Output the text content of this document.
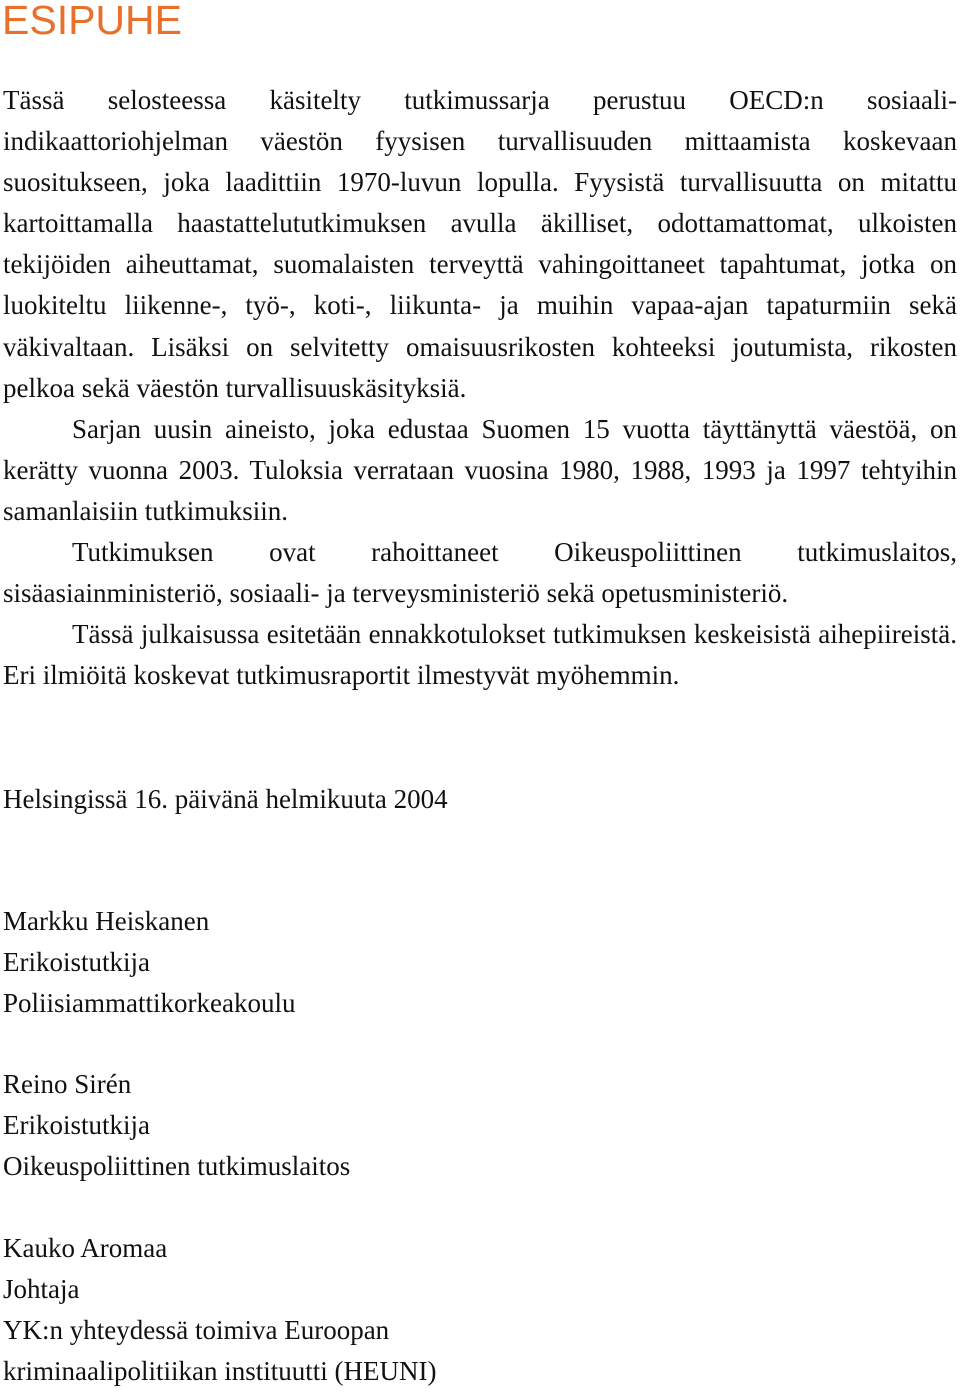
ESIPUHE

Tässä selosteessa käsitelty tutkimussarja perustuu OECD:n sosiaali-indikaattoriohjelman väestön fyysisen turvallisuuden mittaamista koskevaan suositukseen, joka laadittiin 1970-luvun lopulla. Fyysistä turvallisuutta on mitattu kartoittamalla haastattelututkimuksen avulla äkilliset, odottamattomat, ulkoisten tekijöiden aiheuttamat, suomalaisten terveyttä vahingoittaneet tapahtumat, jotka on luokiteltu liikenne-, työ-, koti-, liikunta- ja muihin vapaa-ajan tapaturmiin sekä väkivaltaan. Lisäksi on selvitetty omaisuusrikosten kohteeksi joutumista, rikosten pelkoa sekä väestön turvallisuuskäsityksiä.

Sarjan uusin aineisto, joka edustaa Suomen 15 vuotta täyttänyttä väestöä, on kerätty vuonna 2003. Tuloksia verrataan vuosina 1980, 1988, 1993 ja 1997 tehtyihin samanlaisiin tutkimuksiin.

Tutkimuksen ovat rahoittaneet Oikeuspoliittinen tutkimuslaitos, sisäasiainministeriö, sosiaali- ja terveysministeriö sekä opetusministeriö.

Tässä julkaisussa esitetään ennakkotulokset tutkimuksen keskeisistä aihepiireistä. Eri ilmiöitä koskevat tutkimusraportit ilmestyvät myöhemmin.

Helsingissä 16. päivänä helmikuuta 2004

Markku Heiskanen
Erikoistutkija
Poliisiammattikorkeakoulu
Reino Sirén
Erikoistutkija
Oikeuspoliittinen tutkimuslaitos
Kauko Aromaa
Johtaja
YK:n yhteydessä toimiva Euroopan
kriminaalipolitiikan instituutti (HEUNI)
